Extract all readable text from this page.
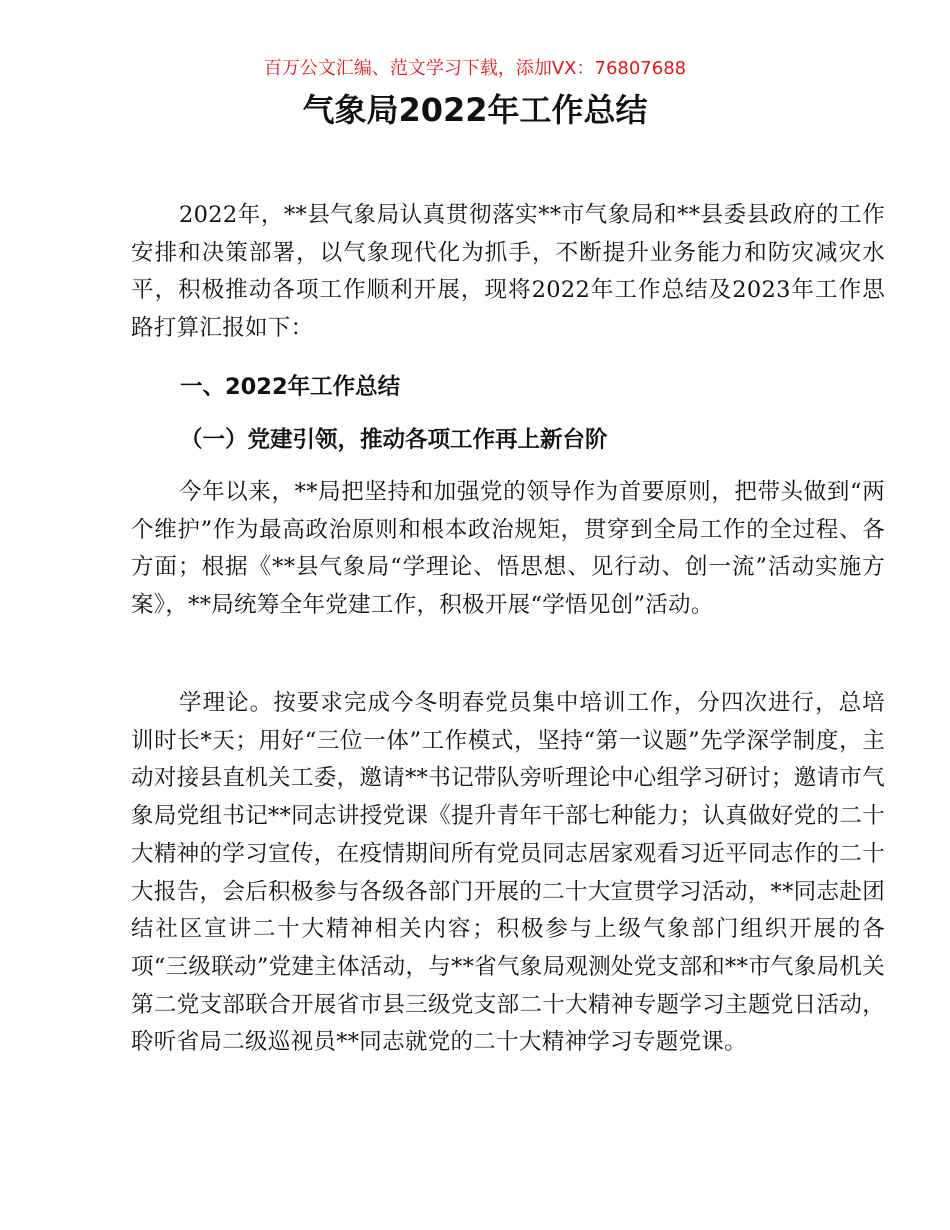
百万公文汇编、范文学习下载，添加VX：76807688
气象局2022年工作总结

2022年，**县气象局认真贯彻落实**市气象局和**县委县政府的工作安排和决策部署，以气象现代化为抓手，不断提升业务能力和防灾减灾水平，积极推动各项工作顺利开展，现将2022年工作总结及2023年工作思路打算汇报如下：

一、2022年工作总结
（一）党建引领，推动各项工作再上新台阶

今年以来，**局把坚持和加强党的领导作为首要原则，把带头做到“两个维护”作为最高政治原则和根本政治规矩，贯穿到全局工作的全过程、各方面；根据《**县气象局“学理论、悟思想、见行动、创一流”活动实施方案》，**局统筹全年党建工作，积极开展“学悟见创”活动。

学理论。按要求完成今冬明春党员集中培训工作，分四次进行，总培训时长*天；用好“三位一体”工作模式，坚持“第一议题”先学深学制度，主动对接县直机关工委，邀请**书记带队旁听理论中心组学习研讨；邀请市气象局党组书记**同志讲授党课《提升青年干部七种能力；认真做好党的二十大精神的学习宣传，在疫情期间所有党员同志居家观看习近平同志作的二十大报告，会后积极参与各级各部门开展的二十大宣贯学习活动，**同志赴团结社区宣讲二十大精神相关内容；积极参与上级气象部门组织开展的各项“三级联动”党建主体活动，与**省气象局观测处党支部和**市气象局机关第二党支部联合开展省市县三级党支部二十大精神专题学习主题党日活动，聆听省局二级巡视员**同志就党的二十大精神学习专题党课。
